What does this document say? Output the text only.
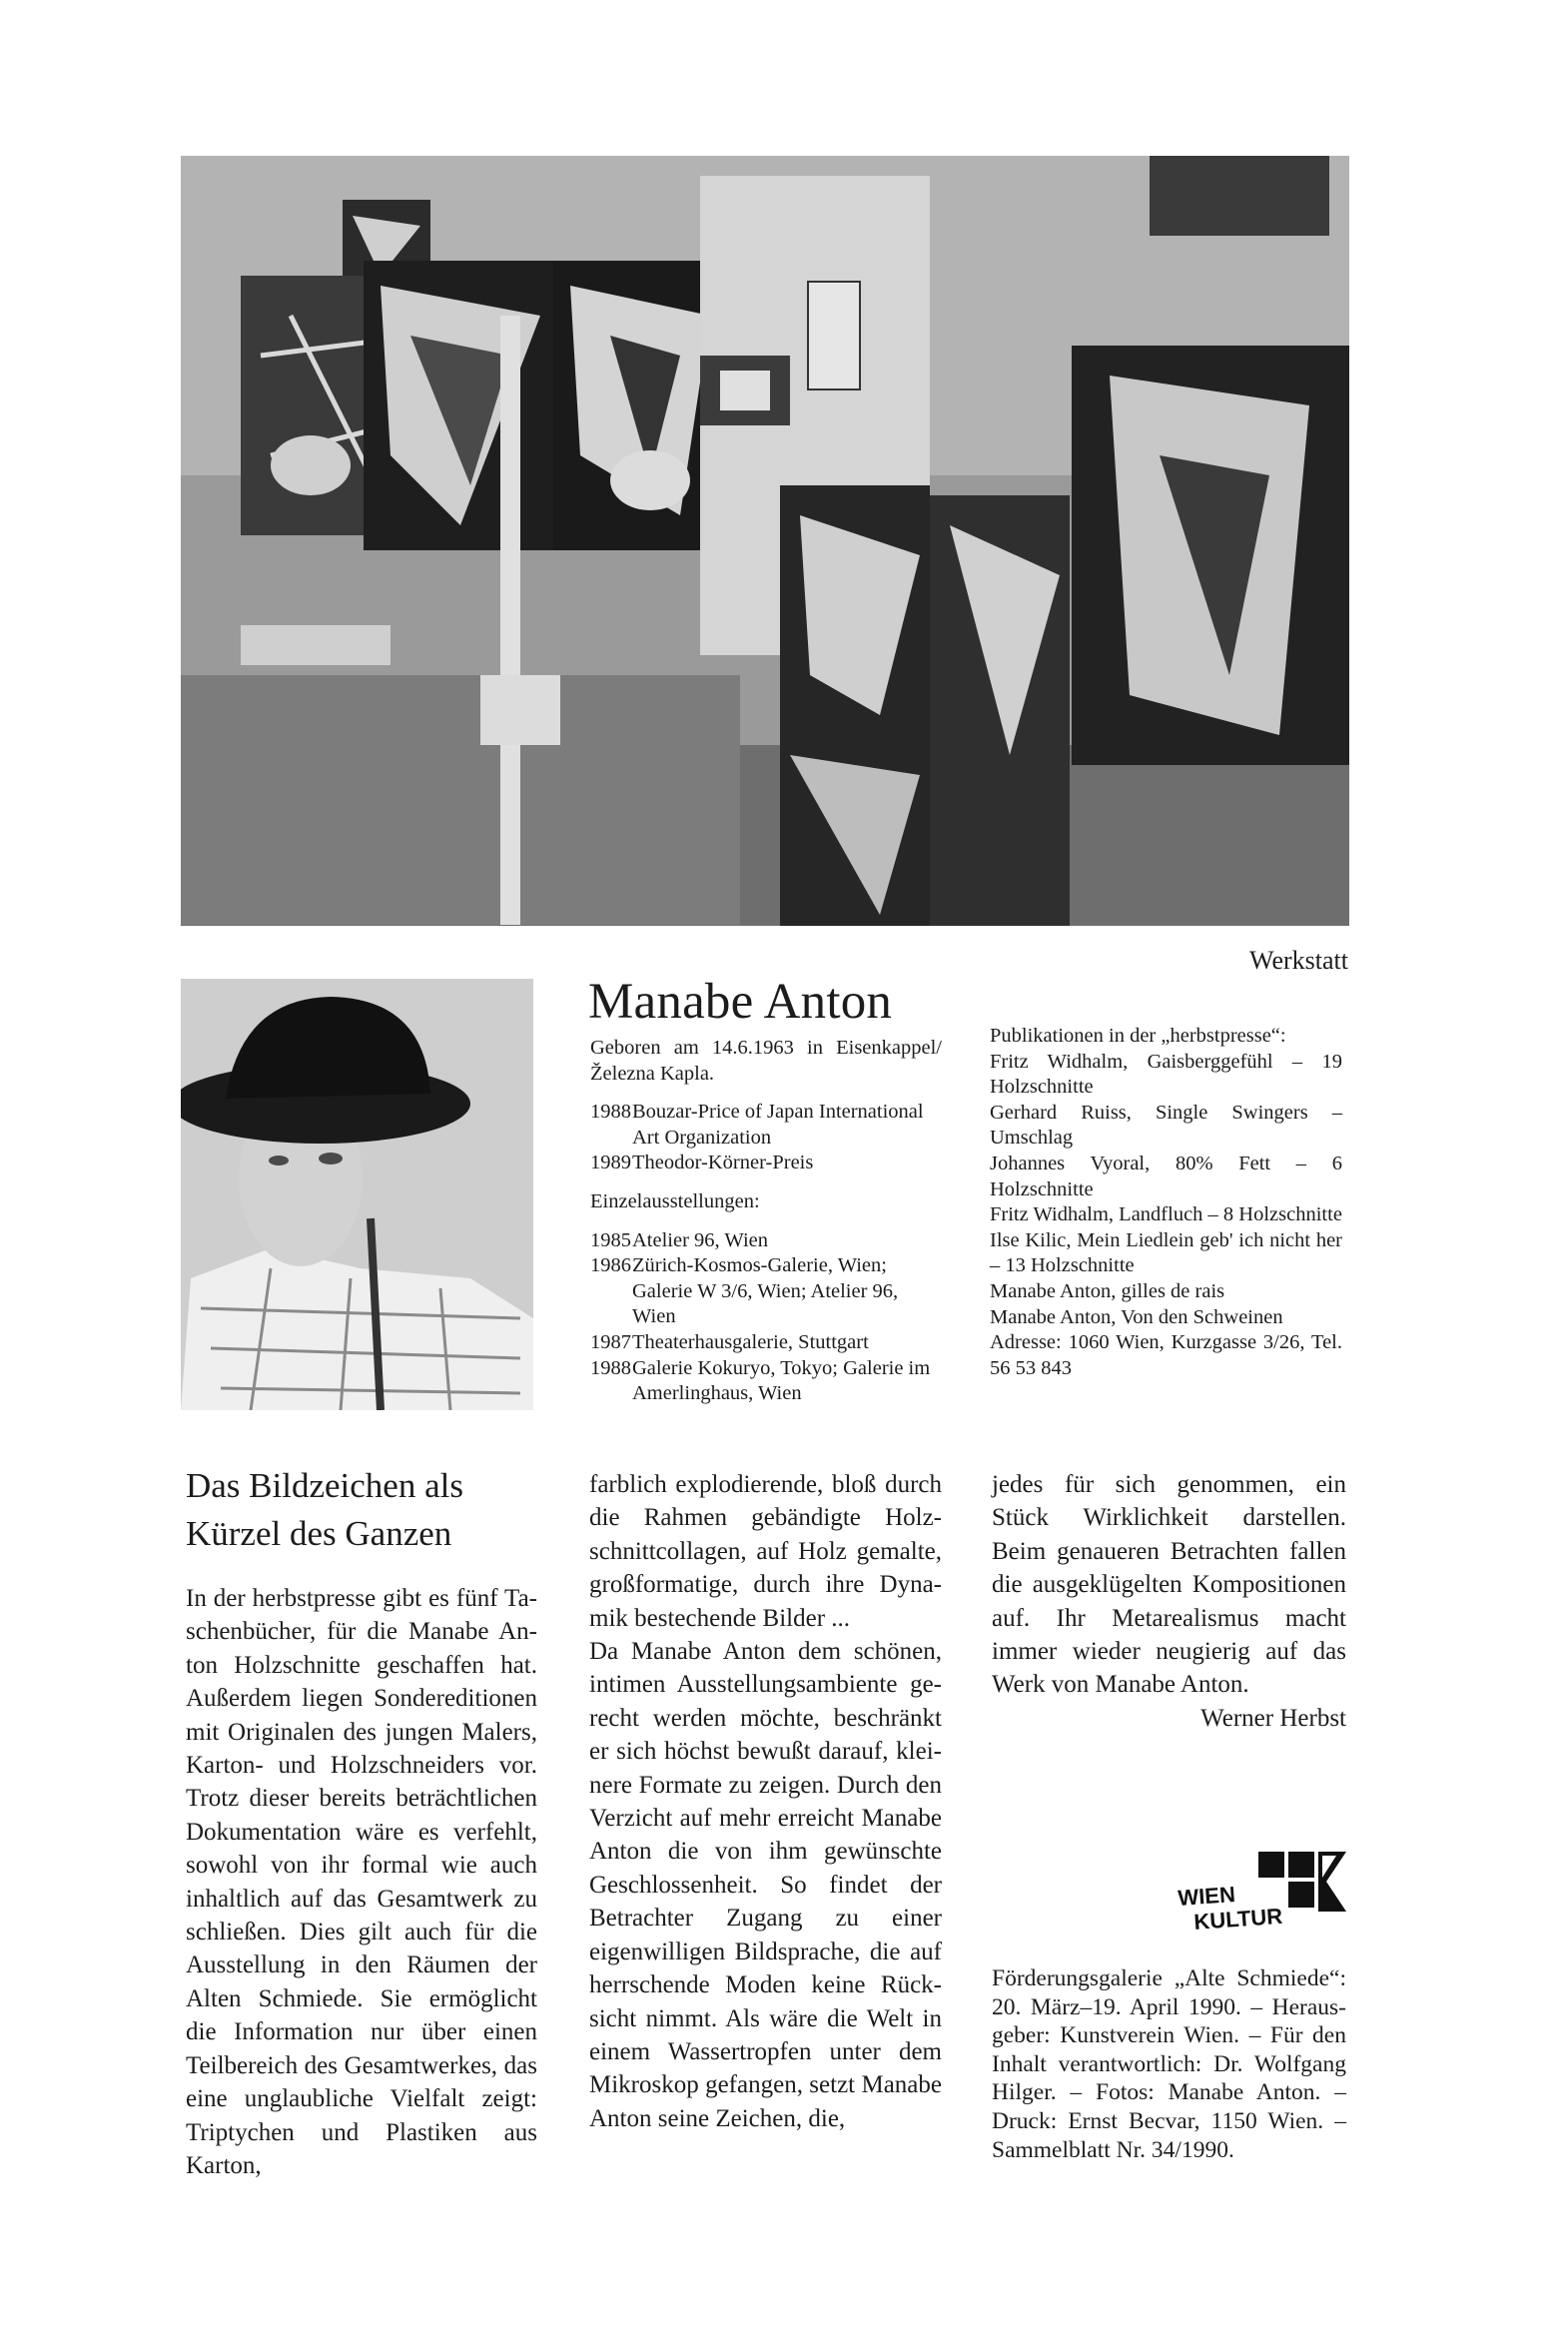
Werkstatt
Manabe Anton

Geboren am 14.6.1963 in Eisenkappel/ Železna Kapla.

1988 Bouzar-Price of Japan International Art Organization
1989 Theodor-Körner-Preis

Einzelausstellungen:

1985 Atelier 96, Wien
1986 Zürich-Kosmos-Galerie, Wien; Galerie W 3/6, Wien; Atelier 96, Wien
1987 Theaterhausgalerie, Stuttgart
1988 Galerie Kokuryo, Tokyo; Galerie im Amerlinghaus, Wien

Publikationen in der „herbstpresse“:

Fritz Widhalm, Gaisberggefühl – 19 Holzschnitte

Gerhard Ruiss, Single Swingers – Umschlag

Johannes Vyoral, 80% Fett – 6 Holzschnitte

Fritz Widhalm, Landfluch – 8 Holzschnitte

Ilse Kilic, Mein Liedlein geb' ich nicht her – 13 Holzschnitte

Manabe Anton, gilles de rais

Manabe Anton, Von den Schweinen

Adresse: 1060 Wien, Kurzgasse 3/26, Tel. 56 53 843

Das Bildzeichen als Kürzel des Ganzen

In der herbstpresse gibt es fünf Taschenbücher, für die Manabe Anton Holzschnitte geschaffen hat. Außerdem liegen Sondereditionen mit Originalen des jungen Malers, Karton- und Holzschneiders vor. Trotz dieser bereits beträchtlichen Dokumentation wäre es verfehlt, sowohl von ihr formal wie auch inhaltlich auf das Gesamtwerk zu schließen. Dies gilt auch für die Ausstellung in den Räumen der Alten Schmiede. Sie ermöglicht die Information nur über einen Teilbereich des Gesamtwerkes, das eine unglaubliche Vielfalt zeigt: Triptychen und Plastiken aus Karton,

farblich explodierende, bloß durch die Rahmen gebändigte Holzschnittcollagen, auf Holz gemalte, großformatige, durch ihre Dynamik bestechende Bilder ...

Da Manabe Anton dem schönen, intimen Ausstellungsambiente gerecht werden möchte, beschränkt er sich höchst bewußt darauf, kleinere Formate zu zeigen. Durch den Verzicht auf mehr erreicht Manabe Anton die von ihm gewünschte Geschlossenheit. So findet der Betrachter Zugang zu einer eigenwilligen Bildsprache, die auf herrschende Moden keine Rücksicht nimmt. Als wäre die Welt in einem Wassertropfen unter dem Mikroskop gefangen, setzt Manabe Anton seine Zeichen, die,

jedes für sich genommen, ein Stück Wirklichkeit darstellen. Beim genaueren Betrachten fallen die ausgeklügelten Kompositionen auf. Ihr Metarealismus macht immer wieder neugierig auf das Werk von Manabe Anton.

Werner Herbst

WIEN
KULTUR
Förderungsgalerie „Alte Schmiede“: 20. März–19. April 1990. – Herausgeber: Kunstverein Wien. – Für den Inhalt verantwortlich: Dr. Wolfgang Hilger. – Fotos: Manabe Anton. – Druck: Ernst Becvar, 1150 Wien. – Sammelblatt Nr. 34/1990.
